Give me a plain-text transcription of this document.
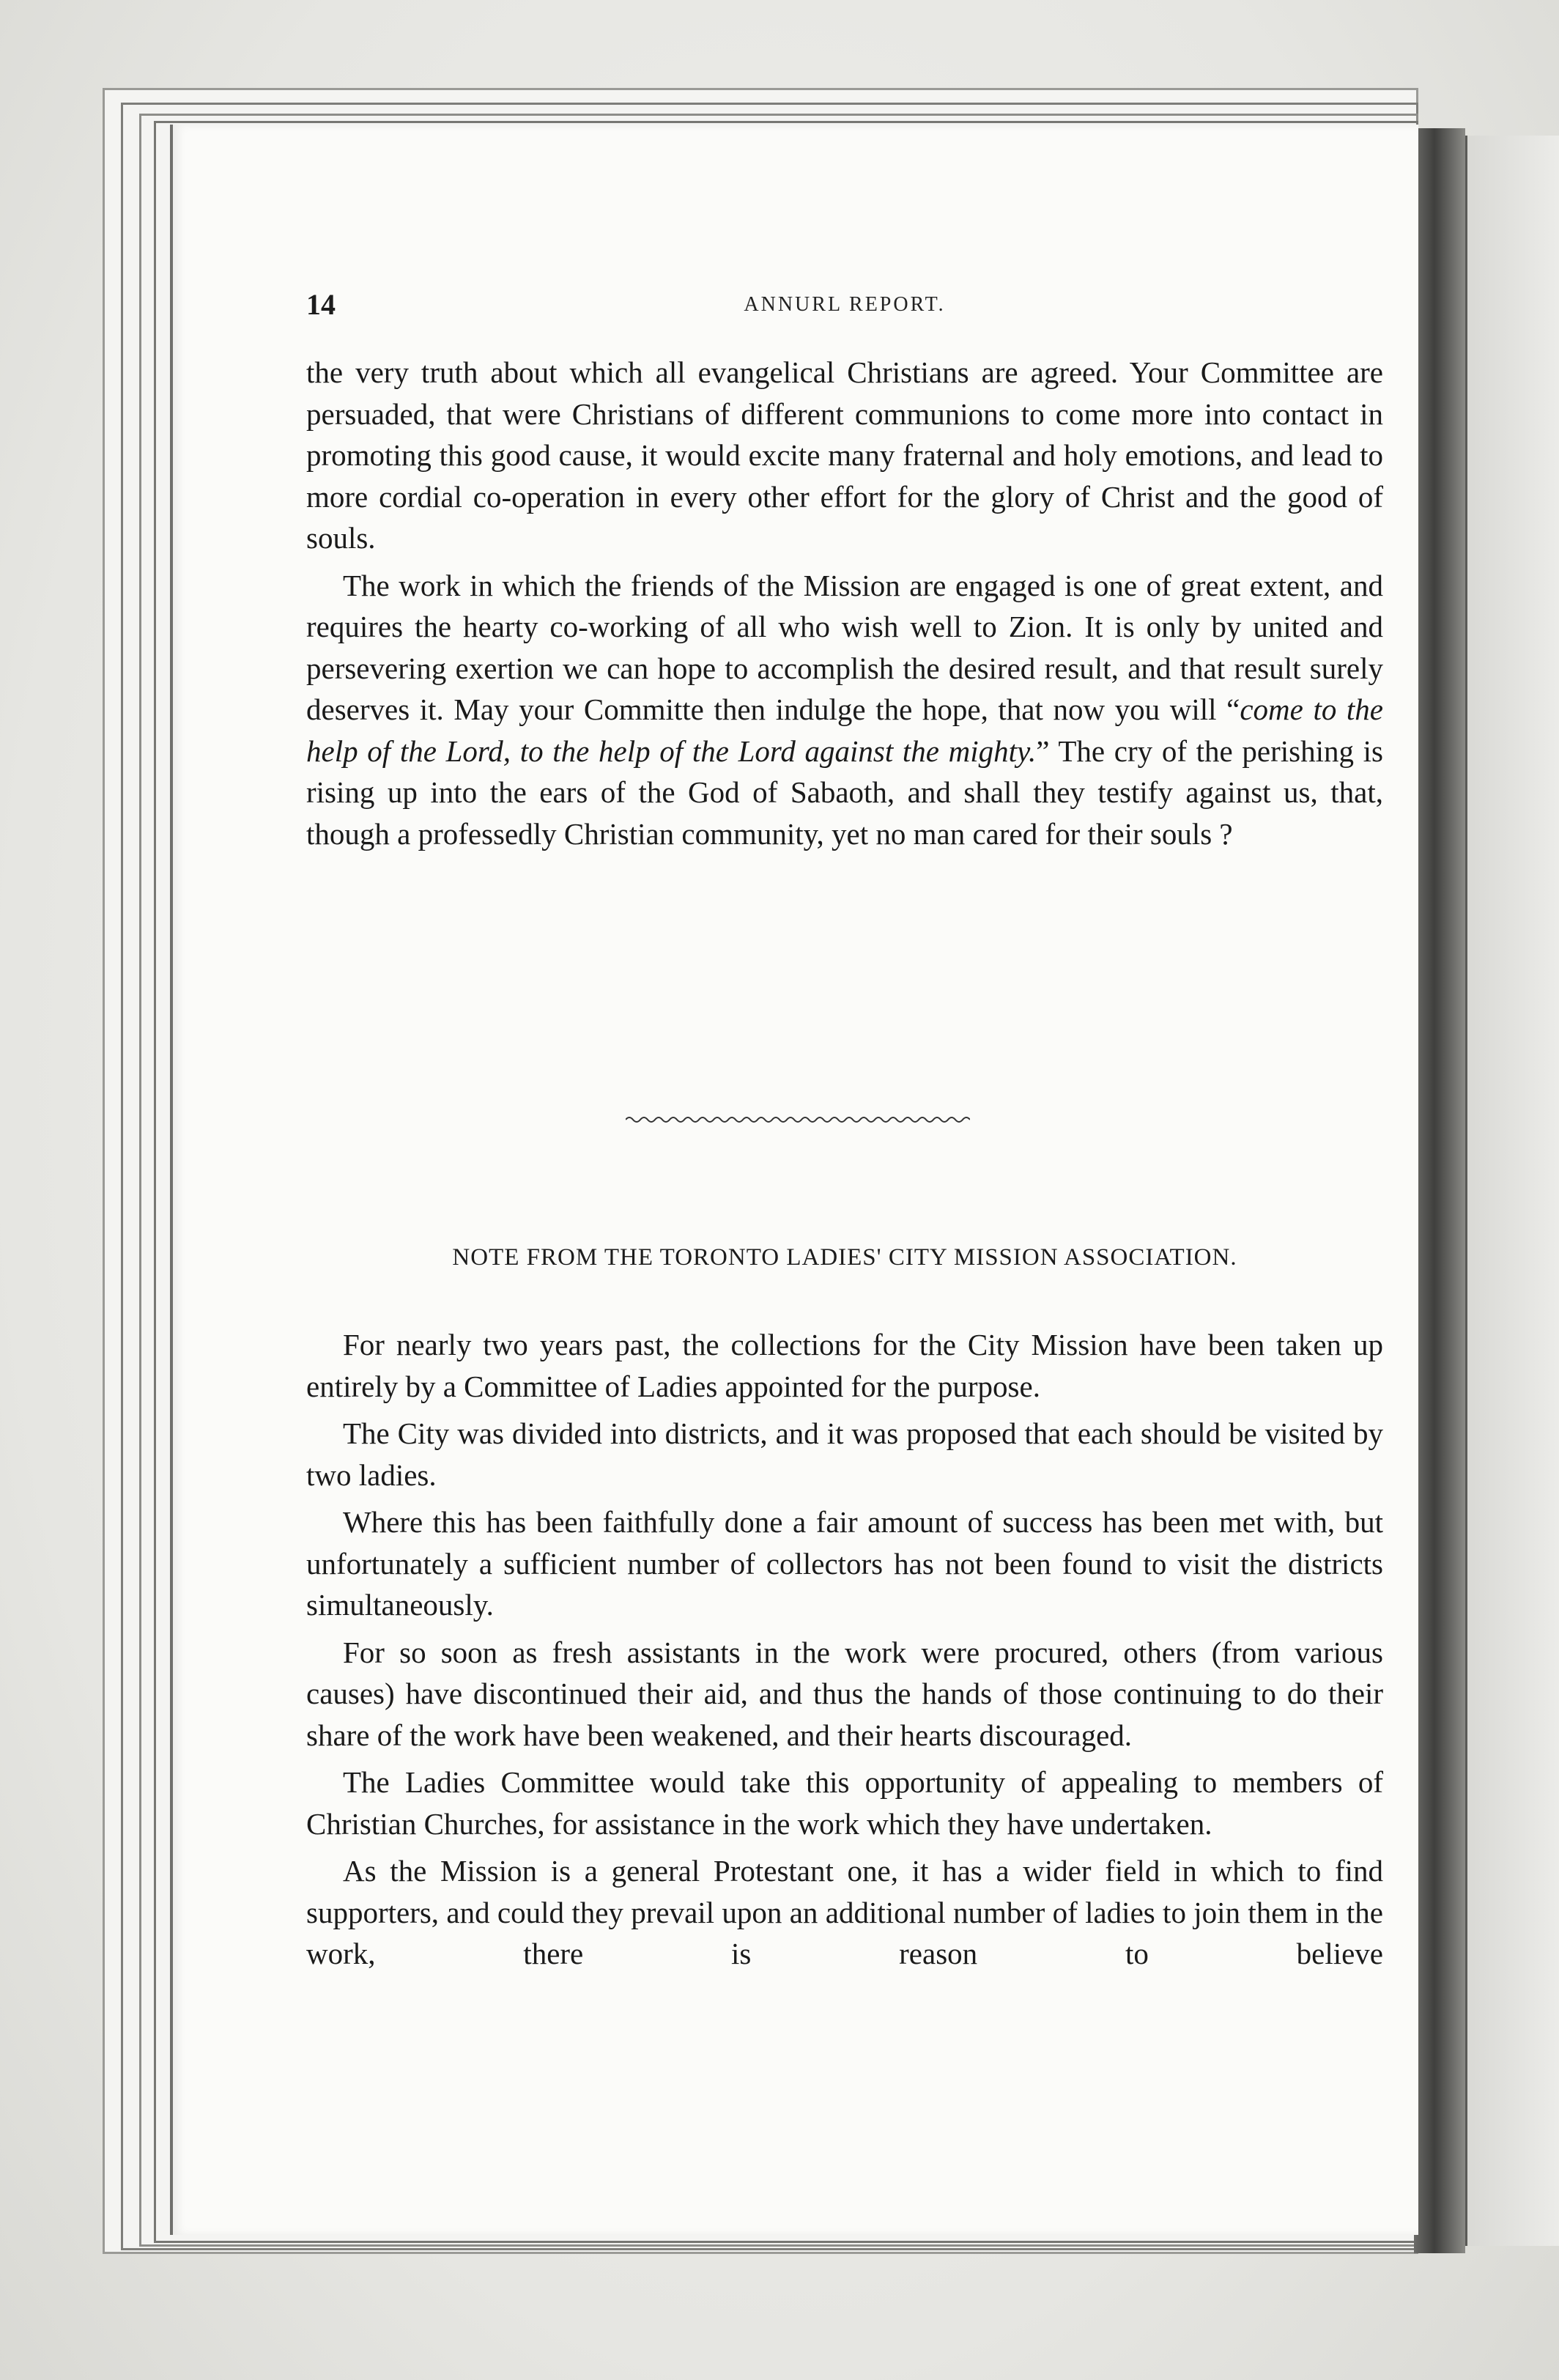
14	ANNURL REPORT.

the very truth about which all evangelical Christians are agreed. Your Committee are persuaded, that were Christians of different communions to come more into contact in promoting this good cause, it would excite many fraternal and holy emotions, and lead to more cordial co-operation in every other effort for the glory of Christ and the good of souls.

The work in which the friends of the Mission are engaged is one of great extent, and requires the hearty co-working of all who wish well to Zion. It is only by united and persevering exertion we can hope to accomplish the desired result, and that result surely deserves it. May your Committe then indulge the hope, that now you will “come to the help of the Lord, to the help of the Lord against the mighty.” The cry of the perishing is rising up into the ears of the God of Sabaoth, and shall they testify against us, that, though a professedly Christian community, yet no man cared for their souls ?

NOTE FROM THE TORONTO LADIES' CITY MISSION ASSOCIATION.

For nearly two years past, the collections for the City Mission have been taken up entirely by a Committee of Ladies appointed for the purpose.

The City was divided into districts, and it was proposed that each should be visited by two ladies.

Where this has been faithfully done a fair amount of success has been met with, but unfortunately a sufficient number of collectors has not been found to visit the districts simultaneously.

For so soon as fresh assistants in the work were procured, others (from various causes) have discontinued their aid, and thus the hands of those continuing to do their share of the work have been weakened, and their hearts discouraged.

The Ladies Committee would take this opportunity of appealing to members of Christian Churches, for assistance in the work which they have undertaken.

As the Mission is a general Protestant one, it has a wider field in which to find supporters, and could they prevail upon an additional number of ladies to join them in the work, there is reason to believe
